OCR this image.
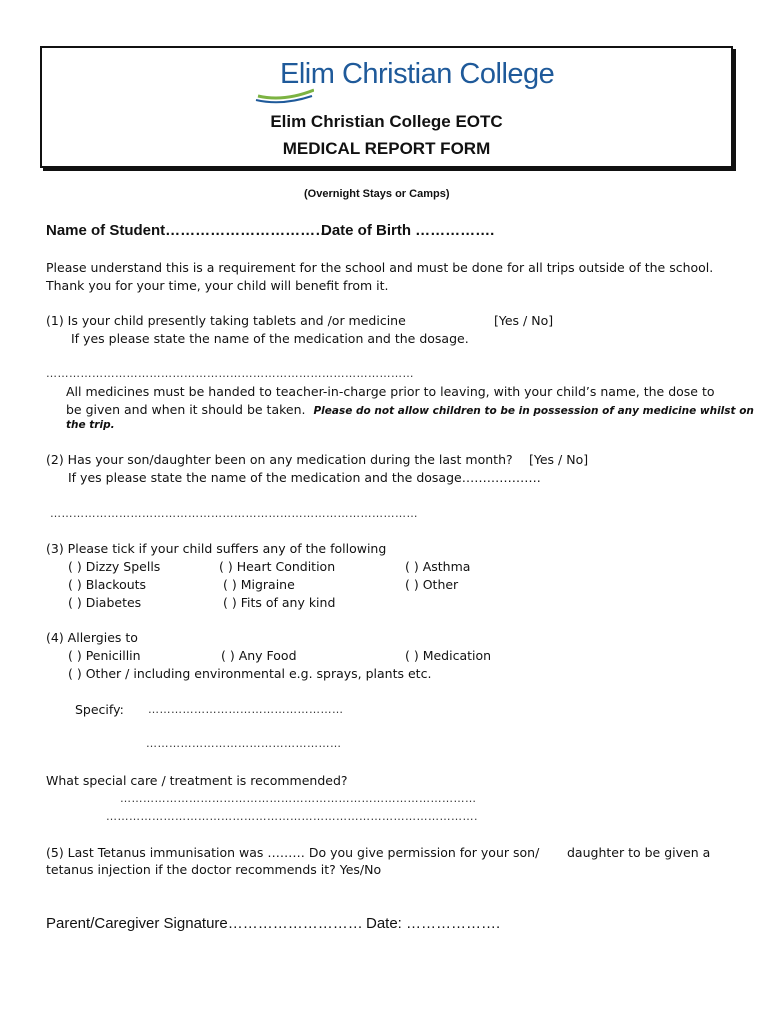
Elim Christian College
Elim Christian College EOTC
MEDICAL REPORT FORM
(Overnight Stays or Camps)
Name of Student……………………………
Date of Birth …………….
Please understand this is a requirement for the school and must be done for all trips outside of the school.
Thank you for your time, your child will benefit from it.
(1) Is your child presently taking tablets and /or medicine	[Yes / No]
If yes please state the name of the medication and the dosage.
……………………………………………………………………………………
All medicines must be handed to teacher-in-charge prior to leaving, with your child’s name, the dose to
be given and when it should be taken. Please do not allow children to be in possession of any medicine whilst on
the trip.
(2) Has your son/daughter been on any medication during the last month? [Yes / No]
If yes please state the name of the medication and the dosage……………….
……………………………………………………………………………………
(3) Please tick if your child suffers any of the following
( ) Dizzy Spells	( ) Heart Condition	( ) Asthma
( ) Blackouts	( ) Migraine	( ) Other
( ) Diabetes	( ) Fits of any kind
(4) Allergies to
( ) Penicillin	( ) Any Food	( ) Medication
( ) Other / including environmental e.g. sprays, plants etc.
Specify: ……………………………………………
……………………………………………
What special care / treatment is recommended?
…………………………………………………………………………………
…………………………………………………………………………………….
(5) Last Tetanus immunisation was ……… Do you give permission for your son/ daughter to be given a
tetanus injection if the doctor recommends it? Yes/No
Parent/Caregiver Signature……………………… Date: ……………….
